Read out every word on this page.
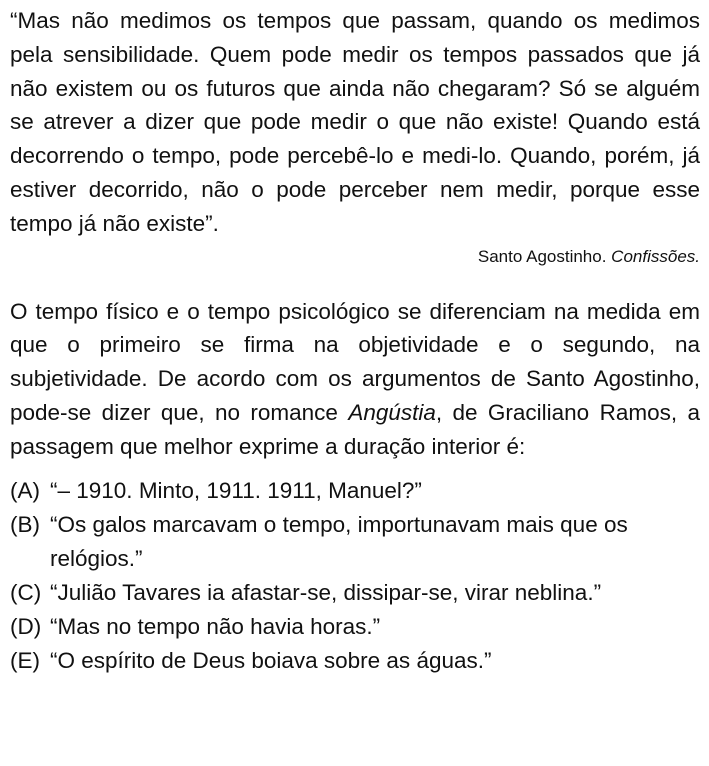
“Mas não medimos os tempos que passam, quando os medimos pela sensibilidade. Quem pode medir os tempos passados que já não existem ou os futuros que ainda não chegaram? Só se alguém se atrever a dizer que pode medir o que não existe! Quando está decorrendo o tempo, pode percebê-lo e medi-lo. Quando, porém, já estiver decorrido, não o pode perceber nem medir, porque esse tempo já não existe”.

Santo Agostinho. Confissões.

O tempo físico e o tempo psicológico se diferenciam na medida em que o primeiro se firma na objetividade e o segundo, na subjetividade. De acordo com os argumentos de Santo Agostinho, pode-se dizer que, no romance Angústia, de Graciliano Ramos, a passagem que melhor exprime a duração interior é:

(A) “– 1910. Minto, 1911. 1911, Manuel?”
(B) “Os galos marcavam o tempo, importunavam mais que os relógios.”
(C) “Julião Tavares ia afastar-se, dissipar-se, virar neblina.”
(D) “Mas no tempo não havia horas.”
(E) “O espírito de Deus boiava sobre as águas.”
